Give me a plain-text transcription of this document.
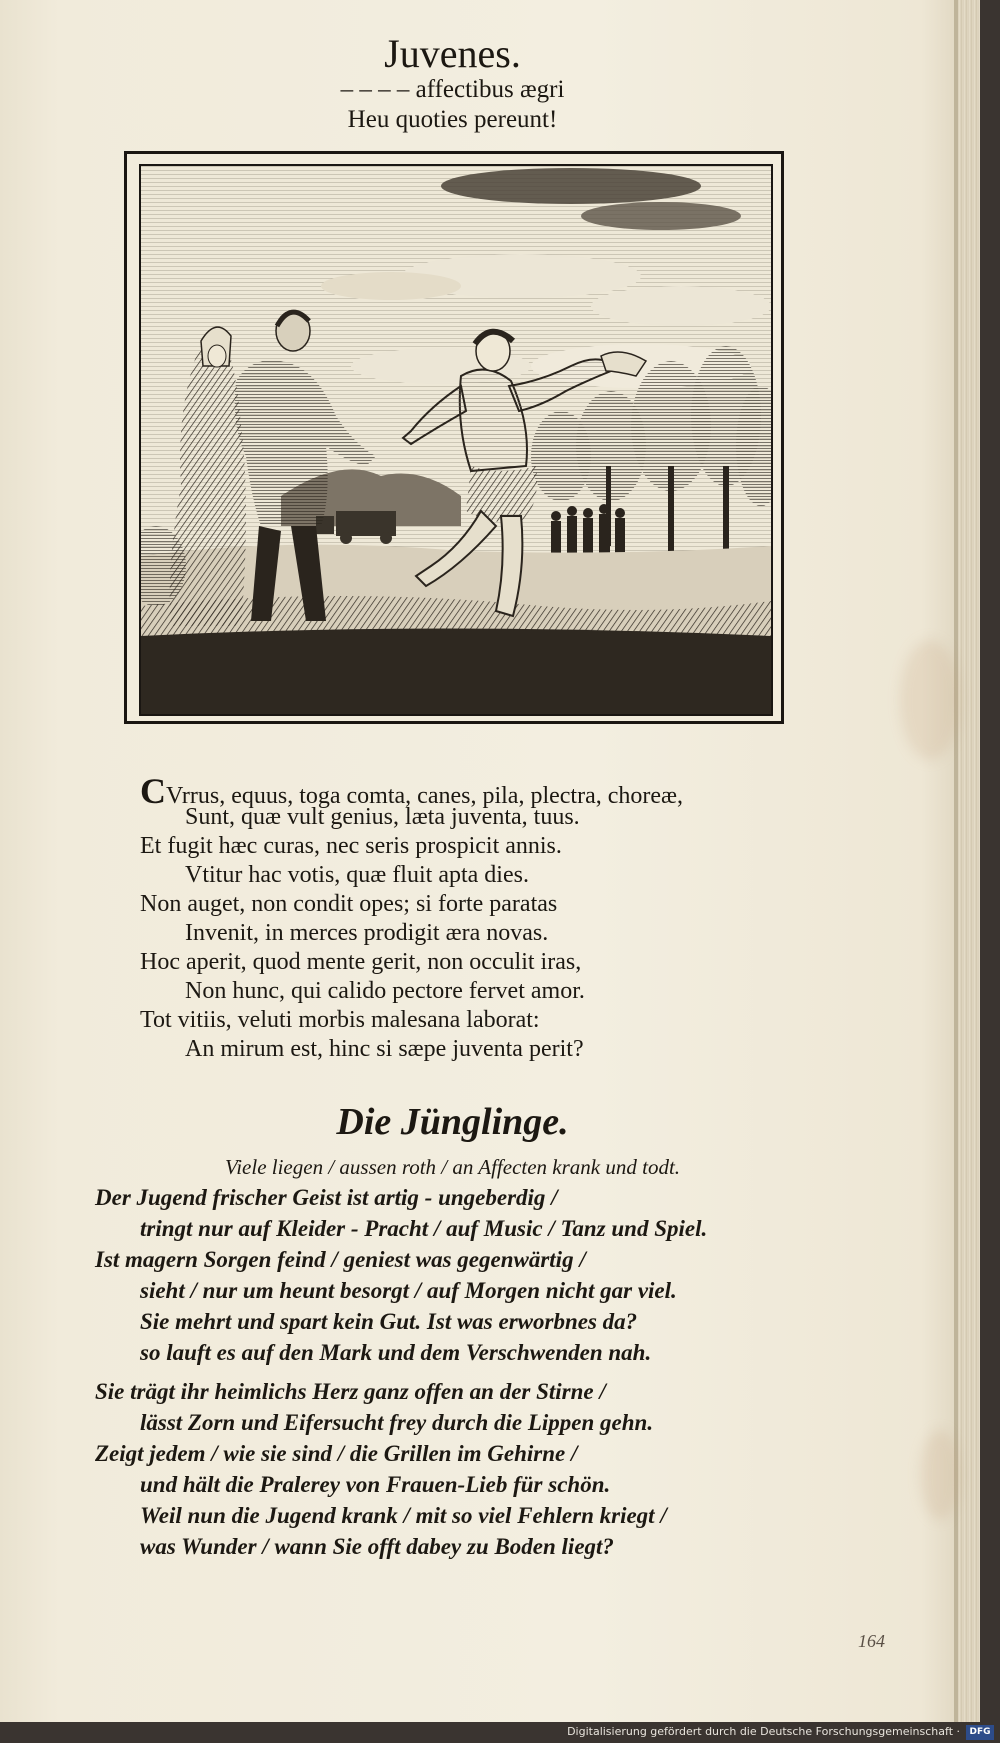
Juvenes.
– – – – affectibus ægri
Heu quoties pereunt!
CVrrus, equus, toga comta, canes, pila, plectra, choreæ,
Sunt, quæ vult genius, læta juventa, tuus.
Et fugit hæc curas, nec seris prospicit annis.
Vtitur hac votis, quæ fluit apta dies.
Non auget, non condit opes; si forte paratas
Invenit, in merces prodigit æra novas.
Hoc aperit, quod mente gerit, non occulit iras,
Non hunc, qui calido pectore fervet amor.
Tot vitiis, veluti morbis malesana laborat:
An mirum est, hinc si sæpe juventa perit?
Die Jünglinge.
Viele liegen / aussen roth / an Affecten krank und todt.
Der Jugend frischer Geist ist artig - ungeberdig /
tringt nur auf Kleider - Pracht / auf Music / Tanz und Spiel.
Ist magern Sorgen feind / geniest was gegenwärtig /
sieht / nur um heunt besorgt / auf Morgen nicht gar viel.
Sie mehrt und spart kein Gut. Ist was erworbnes da?
so lauft es auf den Mark und dem Verschwenden nah.
Sie trägt ihr heimlichs Herz ganz offen an der Stirne /
lässt Zorn und Eifersucht frey durch die Lippen gehn.
Zeigt jedem / wie sie sind / die Grillen im Gehirne /
und hält die Pralerey von Frauen-Lieb für schön.
Weil nun die Jugend krank / mit so viel Fehlern kriegt /
was Wunder / wann Sie offt dabey zu Boden liegt?
164
Digitalisierung gefördert durch die Deutsche Forschungsgemeinschaft ·	DFG
